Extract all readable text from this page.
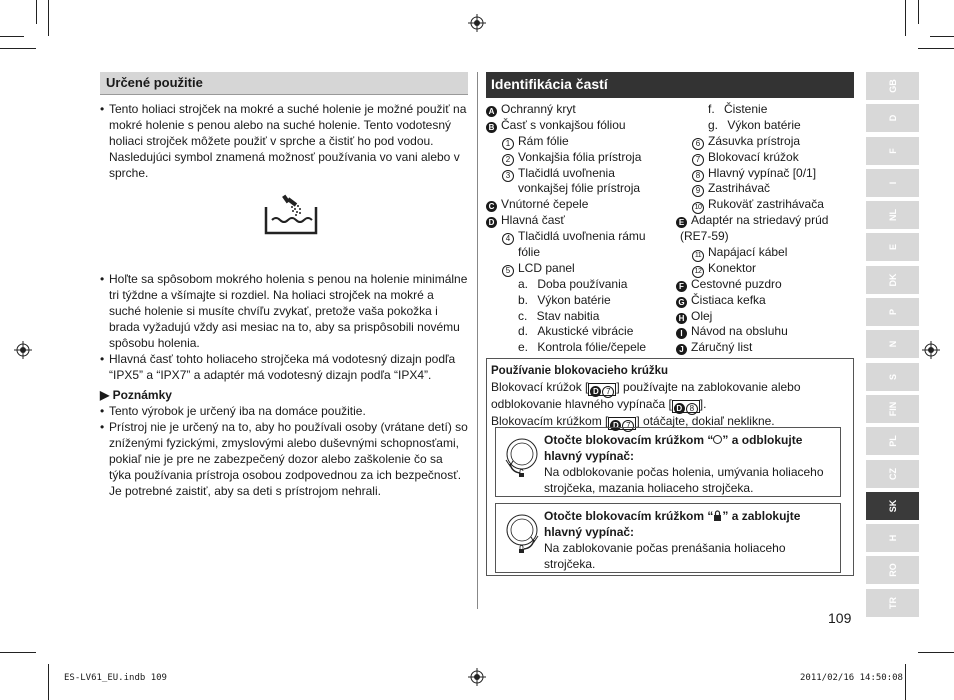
Určené použitie
• Tento holiaci strojček na mokré a suché holenie je možné použiť na mokré holenie s penou alebo na suché holenie. Tento vodotesný holiaci strojček môžete použiť v sprche a čistiť ho pod vodou. Nasledujúci symbol znamená možnosť používania vo vani alebo v sprche.
• Hoľte sa spôsobom mokrého holenia s penou na holenie minimálne tri týždne a všímajte si rozdiel. Na holiaci strojček na mokré a suché holenie si musíte chvíľu zvykať, pretože vaša pokožka i brada vyžadujú vždy asi mesiac na to, aby sa prispôsobili novému spôsobu holenia.
• Hlavná časť tohto holiaceho strojčeka má vodotesný dizajn podľa “IPX5” a “IPX7” a adaptér má vodotesný dizajn podľa “IPX4”.
▶ Poznámky
• Tento výrobok je určený iba na domáce použitie.
• Prístroj nie je určený na to, aby ho používali osoby (vrátane detí) so zníženými fyzickými, zmyslovými alebo duševnými schopnosťami, pokiaľ nie je pre ne zabezpečený dozor alebo zaškolenie čo sa týka používania prístroja osobou zodpovednou za ich bezpečnosť. Je potrebné zaistiť, aby sa deti s prístrojom nehrali.
Identifikácia častí
A Ochranný kryt
B Časť s vonkajšou fóliou
1 Rám fólie
2 Vonkajšia fólia prístroja
3 Tlačidlá uvoľnenia
vonkajšej fólie prístroja
C Vnútorné čepele
D Hlavná časť
4 Tlačidlá uvoľnenia rámu
fólie
5 LCD panel
a. Doba používania
b. Výkon batérie
c. Stav nabitia
d. Akustické vibrácie
e. Kontrola fólie/čepele
f. Čistenie
g. Výkon batérie
6 Zásuvka prístroja
7 Blokovací krúžok
8 Hlavný vypínač [0/1]
9 Zastrihávač
10 Rukoväť zastrihávača
E Adaptér na striedavý prúd
(RE7-59)
11 Napájací kábel
12 Konektor
F Cestovné puzdro
G Čistiaca kefka
H Olej
I Návod na obsluhu
J Záručný list
Používanie blokovacieho krúžku
Blokovací krúžok [ D 7 ] používajte na zablokovanie alebo
odblokovanie hlavného vypínača [ D 8 ].
Blokovacím krúžkom [ D 7 ] otáčajte, dokiaľ neklikne.
Otočte blokovacím krúžkom “ ” a odblokujte hlavný vypínač:
Na odblokovanie počas holenia, umývania holiaceho strojčeka, mazania holiaceho strojčeka.
Otočte blokovacím krúžkom “ ” a zablokujte hlavný vypínač:
Na zablokovanie počas prenášania holiaceho strojčeka.
GB
D
F
I
NL
E
DK
P
N
S
FIN
PL
CZ
SK
H
RO
TR
109
ES-LV61_EU.indb 109	2011/02/16 14:50:08
